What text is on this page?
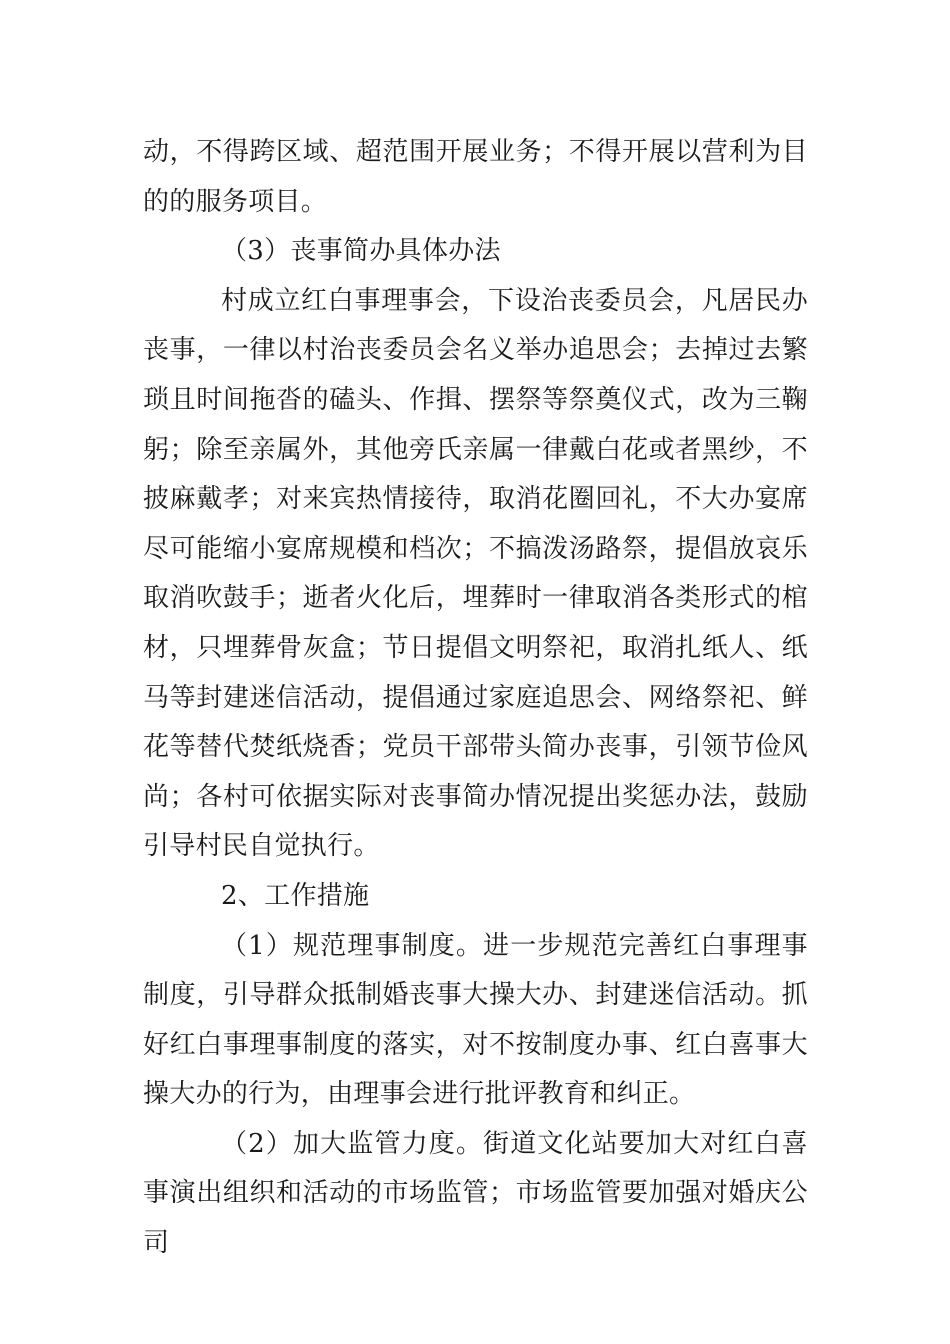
动，不得跨区域、超范围开展业务；不得开展以营利为目的的服务项目。

（3）丧事简办具体办法

村成立红白事理事会，下设治丧委员会，凡居民办丧事，一律以村治丧委员会名义举办追思会；去掉过去繁琐且时间拖沓的磕头、作揖、摆祭等祭奠仪式，改为三鞠躬；除至亲属外，其他旁氏亲属一律戴白花或者黑纱，不披麻戴孝；对来宾热情接待，取消花圈回礼，不大办宴席尽可能缩小宴席规模和档次；不搞泼汤路祭，提倡放哀乐取消吹鼓手；逝者火化后，埋葬时一律取消各类形式的棺材，只埋葬骨灰盒；节日提倡文明祭祀，取消扎纸人、纸马等封建迷信活动，提倡通过家庭追思会、网络祭祀、鲜花等替代焚纸烧香；党员干部带头简办丧事，引领节俭风尚；各村可依据实际对丧事简办情况提出奖惩办法，鼓励引导村民自觉执行。

2、工作措施

（1）规范理事制度。进一步规范完善红白事理事制度，引导群众抵制婚丧事大操大办、封建迷信活动。抓好红白事理事制度的落实，对不按制度办事、红白喜事大操大办的行为，由理事会进行批评教育和纠正。

（2）加大监管力度。街道文化站要加大对红白喜事演出组织和活动的市场监管；市场监管要加强对婚庆公司
